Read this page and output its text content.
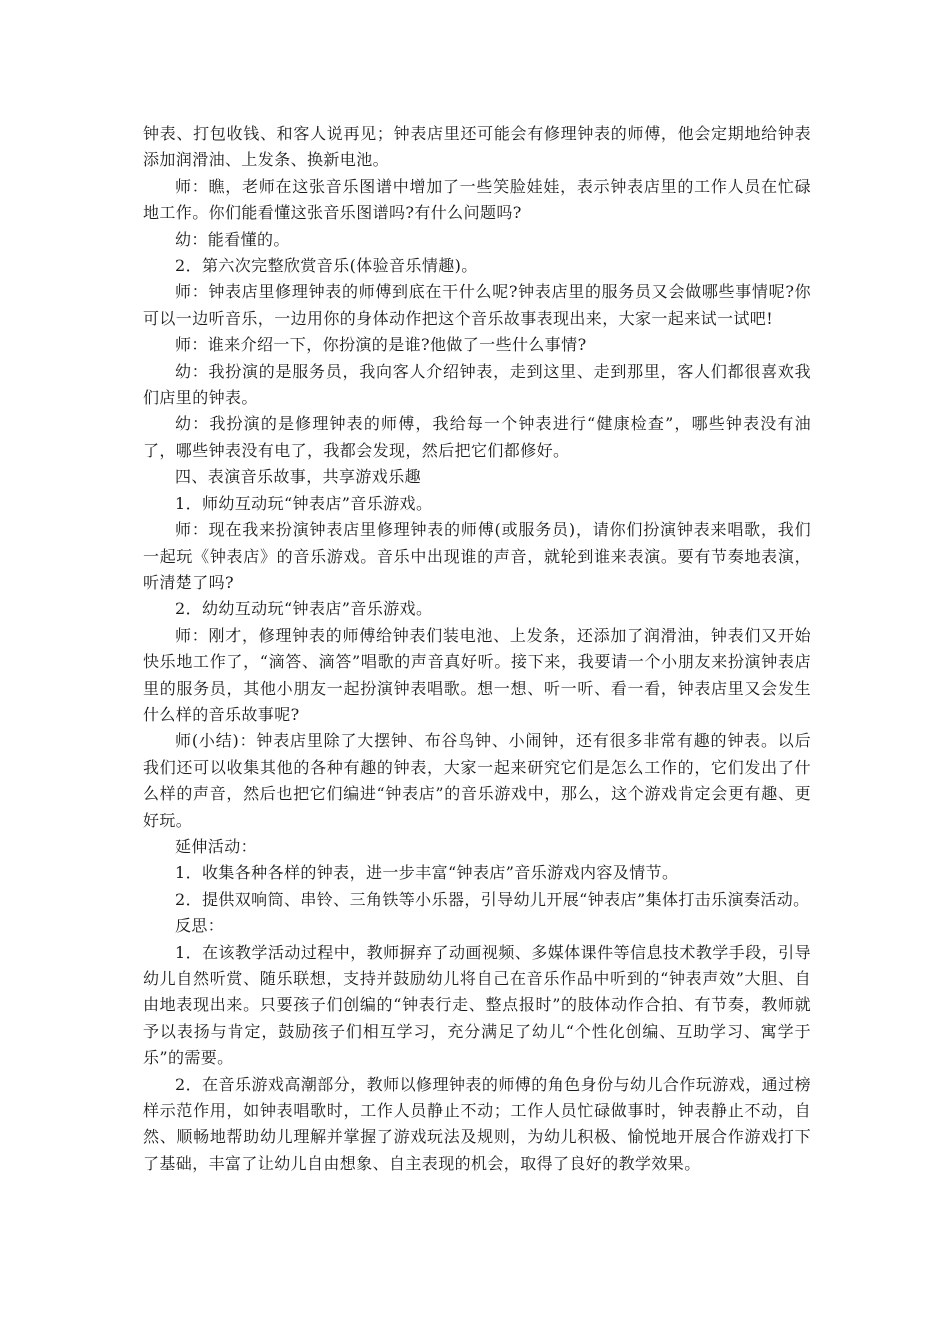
钟表、打包收钱、和客人说再见；钟表店里还可能会有修理钟表的师傅，他会定期地给钟表添加润滑油、上发条、换新电池。

师：瞧，老师在这张音乐图谱中增加了一些笑脸娃娃，表示钟表店里的工作人员在忙碌地工作。你们能看懂这张音乐图谱吗?有什么问题吗?

幼：能看懂的。

2．第六次完整欣赏音乐(体验音乐情趣)。

师：钟表店里修理钟表的师傅到底在干什么呢?钟表店里的服务员又会做哪些事情呢?你可以一边听音乐，一边用你的身体动作把这个音乐故事表现出来，大家一起来试一试吧!

师：谁来介绍一下，你扮演的是谁?他做了一些什么事情?

幼：我扮演的是服务员，我向客人介绍钟表，走到这里、走到那里，客人们都很喜欢我们店里的钟表。

幼：我扮演的是修理钟表的师傅，我给每一个钟表进行“健康检查”，哪些钟表没有油了，哪些钟表没有电了，我都会发现，然后把它们都修好。

四、表演音乐故事，共享游戏乐趣

1．师幼互动玩“钟表店”音乐游戏。

师：现在我来扮演钟表店里修理钟表的师傅(或服务员)，请你们扮演钟表来唱歌，我们一起玩《钟表店》的音乐游戏。音乐中出现谁的声音，就轮到谁来表演。要有节奏地表演，听清楚了吗?

2．幼幼互动玩“钟表店”音乐游戏。

师：刚才，修理钟表的师傅给钟表们装电池、上发条，还添加了润滑油，钟表们又开始快乐地工作了，“滴答、滴答”唱歌的声音真好听。接下来，我要请一个小朋友来扮演钟表店里的服务员，其他小朋友一起扮演钟表唱歌。想一想、听一听、看一看，钟表店里又会发生什么样的音乐故事呢?

师(小结)：钟表店里除了大摆钟、布谷鸟钟、小闹钟，还有很多非常有趣的钟表。以后我们还可以收集其他的各种有趣的钟表，大家一起来研究它们是怎么工作的，它们发出了什么样的声音，然后也把它们编进“钟表店”的音乐游戏中，那么，这个游戏肯定会更有趣、更好玩。

延伸活动：

1．收集各种各样的钟表，进一步丰富“钟表店”音乐游戏内容及情节。

2．提供双响筒、串铃、三角铁等小乐器，引导幼儿开展“钟表店”集体打击乐演奏活动。

反思：

1．在该教学活动过程中，教师摒弃了动画视频、多媒体课件等信息技术教学手段，引导幼儿自然听赏、随乐联想，支持并鼓励幼儿将自己在音乐作品中听到的“钟表声效”大胆、自由地表现出来。只要孩子们创编的“钟表行走、整点报时”的肢体动作合拍、有节奏，教师就予以表扬与肯定，鼓励孩子们相互学习，充分满足了幼儿“个性化创编、互助学习、寓学于乐”的需要。

2．在音乐游戏高潮部分，教师以修理钟表的师傅的角色身份与幼儿合作玩游戏，通过榜样示范作用，如钟表唱歌时，工作人员静止不动；工作人员忙碌做事时，钟表静止不动，自然、顺畅地帮助幼儿理解并掌握了游戏玩法及规则，为幼儿积极、愉悦地开展合作游戏打下了基础，丰富了让幼儿自由想象、自主表现的机会，取得了良好的教学效果。
